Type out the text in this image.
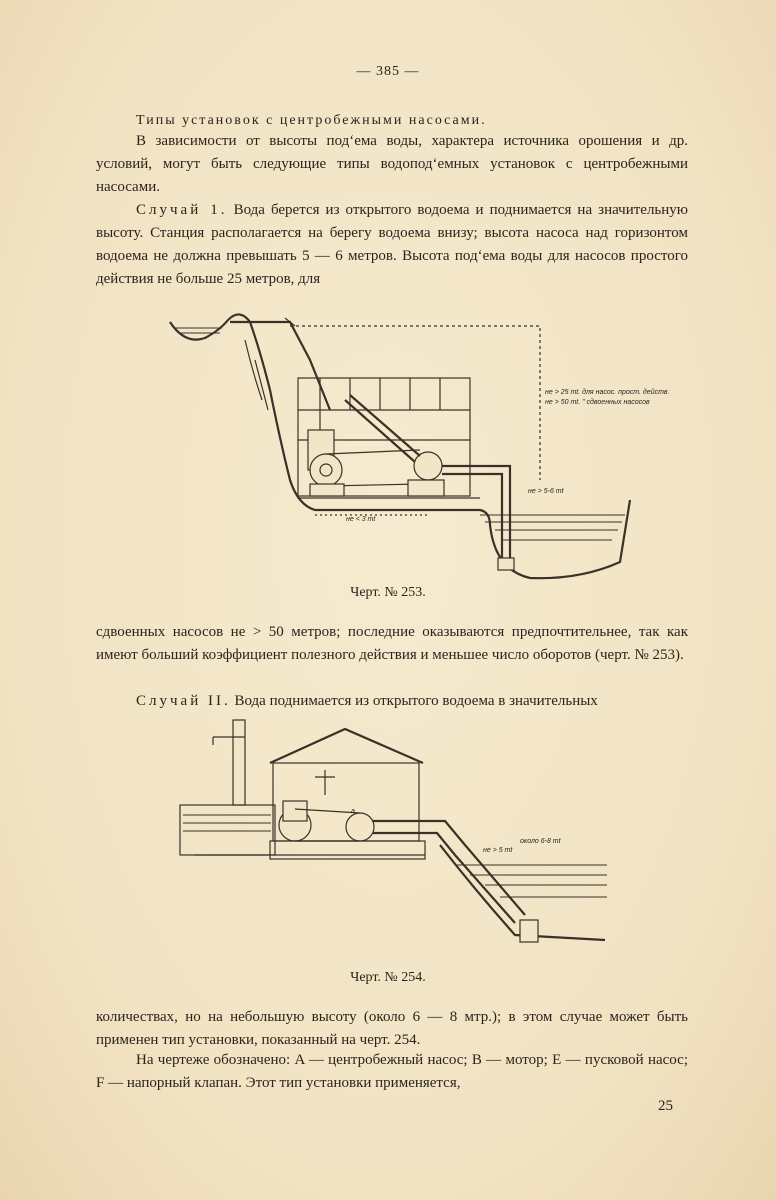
— 385 —
Типы установок с центробежными насосами.
В зависимости от высоты под‘ема воды, характера источника орошения и др. условий, могут быть следующие типы водопод‘емных установок с центробежными насосами.
Случай 1. Вода берется из открытого водоема и поднимается на значительную высоту. Станция располагается на берегу водоема внизу; высота насоса над горизонтом водоема не должна превышать 5 — 6 метров. Высота под‘ема воды для насосов простого действия не больше 25 метров, для
не > 25 mt. для насос. прост. действ.
не > 50 mt. " сдвоенных насосов
не > 5-6 mt
не < 3 mt
Черт. № 253.
сдвоенных насосов не > 50 метров; последние оказываются предпочтительнее, так как имеют больший коэффициент полезного действия и меньшее число оборотов (черт. № 253).
Случай II. Вода поднимается из открытого водоема в значительных
a
около 6-8 mt
не > 5 mt
Черт. № 254.
количествах, но на небольшую высоту (около 6 — 8 мтр.); в этом случае может быть применен тип установки, показанный на черт. 254.
На чертеже обозначено: A — центробежный насос; B — мотор; E — пусковой насос; F — напорный клапан. Этот тип установки применяется,
25
